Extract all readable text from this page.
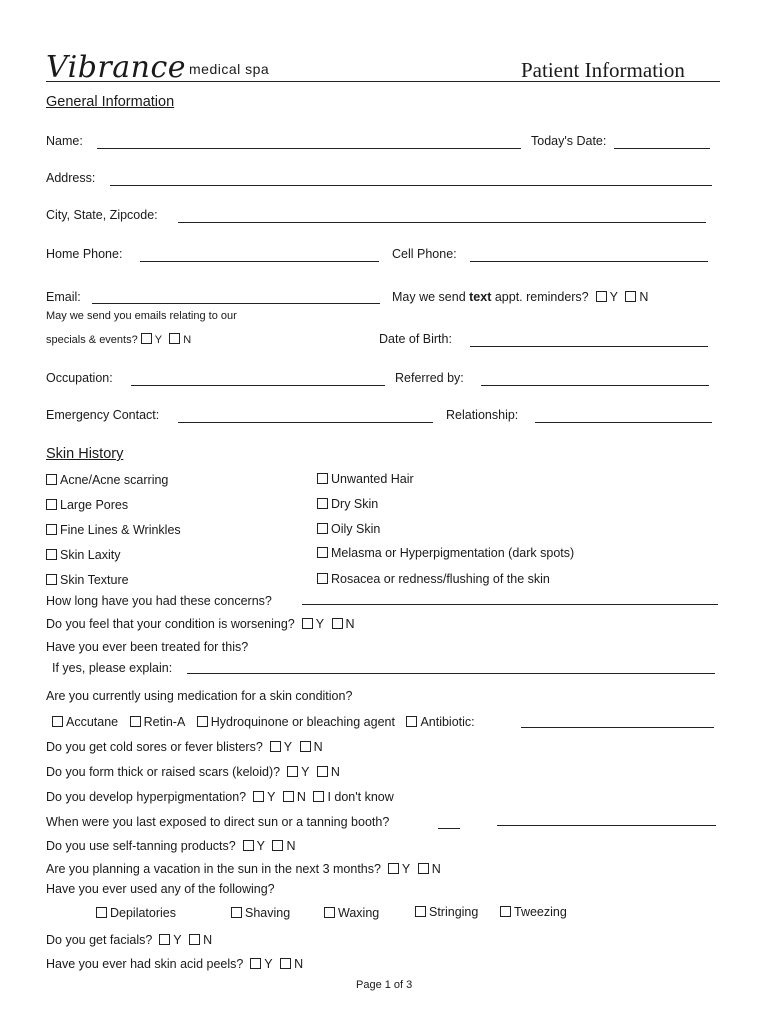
Vibrance medical spa	Patient Information
General Information
Name:	Today's Date:
Address:
City, State, Zipcode:
Home Phone:	Cell Phone:
Email:	May we send text appt. reminders? Y N
May we send you emails relating to our
specials & events? Y N	Date of Birth:
Occupation:	Referred by:
Emergency Contact:	Relationship:
Skin History
Acne/Acne scarring
Large Pores
Fine Lines & Wrinkles
Skin Laxity
Skin Texture
Unwanted Hair
Dry Skin
Oily Skin
Melasma or Hyperpigmentation (dark spots)
Rosacea or redness/flushing of the skin
How long have you had these concerns?
Do you feel that your condition is worsening? Y N
Have you ever been treated for this?
If yes, please explain:
Are you currently using medication for a skin condition?
Accutane Retin-A Hydroquinone or bleaching agent Antibiotic:
Do you get cold sores or fever blisters? Y N
Do you form thick or raised scars (keloid)? Y N
Do you develop hyperpigmentation? Y N I don't know
When were you last exposed to direct sun or a tanning booth?
Do you use self-tanning products? Y N
Are you planning a vacation in the sun in the next 3 months? Y N
Have you ever used any of the following?
Depilatories	Shaving	Waxing	Stringing	Tweezing
Do you get facials? Y N
Have you ever had skin acid peels? Y N
Page 1 of 3
